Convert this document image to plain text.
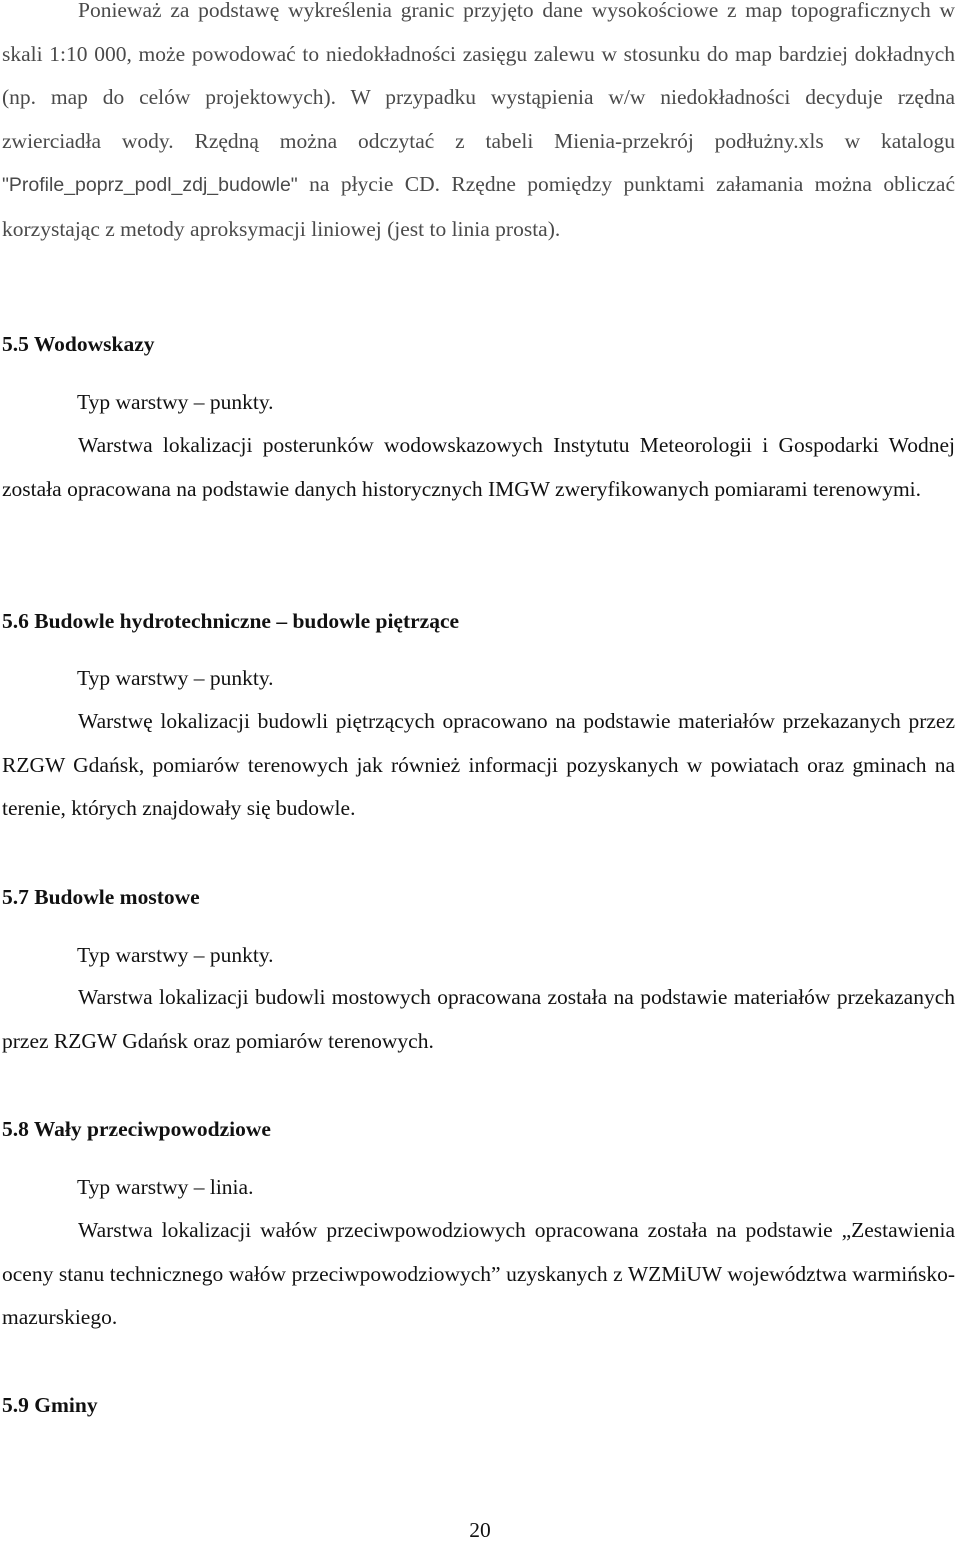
Ponieważ za podstawę wykreślenia granic przyjęto dane wysokościowe z map topograficznych w skali 1:10 000, może powodować to niedokładności zasięgu zalewu w stosunku do map bardziej dokładnych (np. map do celów projektowych). W przypadku wystąpienia w/w niedokładności decyduje rzędna zwierciadła wody. Rzędną można odczytać z tabeli Mienia-przekrój podłużny.xls w katalogu "Profile_poprz_podl_zdj_budowle" na płycie CD. Rzędne pomiędzy punktami załamania można obliczać korzystając z metody aproksymacji liniowej (jest to linia prosta).

5.5 Wodowskazy

Typ warstwy – punkty.

Warstwa lokalizacji posterunków wodowskazowych Instytutu Meteorologii i Gospodarki Wodnej została opracowana na podstawie danych historycznych IMGW zweryfikowanych pomiarami terenowymi.

5.6 Budowle hydrotechniczne – budowle piętrzące

Typ warstwy – punkty.

Warstwę lokalizacji budowli piętrzących opracowano na podstawie materiałów przekazanych przez RZGW Gdańsk, pomiarów terenowych jak również informacji pozyskanych w powiatach oraz gminach na terenie, których znajdowały się budowle.

5.7 Budowle mostowe

Typ warstwy – punkty.

Warstwa lokalizacji budowli mostowych opracowana została na podstawie materiałów przekazanych przez RZGW Gdańsk oraz pomiarów terenowych.

5.8 Wały przeciwpowodziowe

Typ warstwy – linia.

Warstwa lokalizacji wałów przeciwpowodziowych opracowana została na podstawie „Zestawienia oceny stanu technicznego wałów przeciwpowodziowych” uzyskanych z WZMiUW województwa warmińsko-mazurskiego.

5.9 Gminy
20
